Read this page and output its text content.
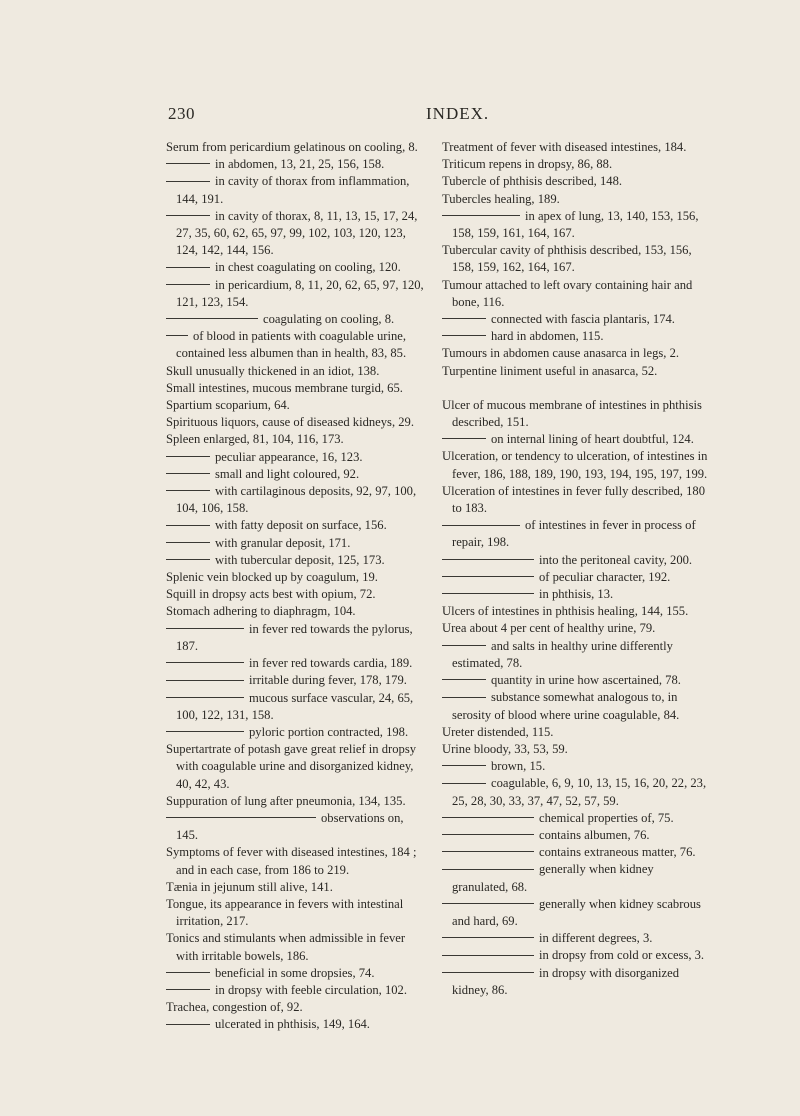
230	INDEX.

Serum from pericardium gelatinous on cooling, 8.

in abdomen, 13, 21, 25, 156, 158.

in cavity of thorax from inflammation, 144, 191.

in cavity of thorax, 8, 11, 13, 15, 17, 24, 27, 35, 60, 62, 65, 97, 99, 102, 103, 120, 123, 124, 142, 144, 156.

in chest coagulating on cooling, 120.

in pericardium, 8, 11, 20, 62, 65, 97, 120, 121, 123, 154.

coagulating on cooling, 8.

of blood in patients with coagulable urine, contained less albumen than in health, 83, 85.

Skull unusually thickened in an idiot, 138.

Small intestines, mucous membrane turgid, 65.

Spartium scoparium, 64.

Spirituous liquors, cause of diseased kidneys, 29.

Spleen enlarged, 81, 104, 116, 173.

peculiar appearance, 16, 123.

small and light coloured, 92.

with cartilaginous deposits, 92, 97, 100, 104, 106, 158.

with fatty deposit on surface, 156.

with granular deposit, 171.

with tubercular deposit, 125, 173.

Splenic vein blocked up by coagulum, 19.

Squill in dropsy acts best with opium, 72.

Stomach adhering to diaphragm, 104.

in fever red towards the pylorus, 187.

in fever red towards cardia, 189.

irritable during fever, 178, 179.

mucous surface vascular, 24, 65, 100, 122, 131, 158.

pyloric portion contracted, 198.

Supertartrate of potash gave great relief in dropsy with coagulable urine and disorganized kidney, 40, 42, 43.

Suppuration of lung after pneumonia, 134, 135.

observations on, 145.

Symptoms of fever with diseased intestines, 184 ; and in each case, from 186 to 219.

Tænia in jejunum still alive, 141.

Tongue, its appearance in fevers with intestinal irritation, 217.

Tonics and stimulants when admissible in fever with irritable bowels, 186.

beneficial in some dropsies, 74.

in dropsy with feeble circulation, 102.

Trachea, congestion of, 92.

ulcerated in phthisis, 149, 164.

Treatment of fever with diseased intestines, 184.

Triticum repens in dropsy, 86, 88.

Tubercle of phthisis described, 148.

Tubercles healing, 189.

in apex of lung, 13, 140, 153, 156, 158, 159, 161, 164, 167.

Tubercular cavity of phthisis described, 153, 156, 158, 159, 162, 164, 167.

Tumour attached to left ovary containing hair and bone, 116.

connected with fascia plantaris, 174.

hard in abdomen, 115.

Tumours in abdomen cause anasarca in legs, 2.

Turpentine liniment useful in anasarca, 52.

Ulcer of mucous membrane of intestines in phthisis described, 151.

on internal lining of heart doubtful, 124.

Ulceration, or tendency to ulceration, of intestines in fever, 186, 188, 189, 190, 193, 194, 195, 197, 199.

Ulceration of intestines in fever fully described, 180 to 183.

of intestines in fever in process of repair, 198.

into the peritoneal cavity, 200.

of peculiar character, 192.

in phthisis, 13.

Ulcers of intestines in phthisis healing, 144, 155.

Urea about 4 per cent of healthy urine, 79.

and salts in healthy urine differently estimated, 78.

quantity in urine how ascertained, 78.

substance somewhat analogous to, in serosity of blood where urine coagulable, 84.

Ureter distended, 115.

Urine bloody, 33, 53, 59.

brown, 15.

coagulable, 6, 9, 10, 13, 15, 16, 20, 22, 23, 25, 28, 30, 33, 37, 47, 52, 57, 59.

chemical properties of, 75.

contains albumen, 76.

contains extraneous matter, 76.

generally when kidney granulated, 68.

generally when kidney scabrous and hard, 69.

in different degrees, 3.

in dropsy from cold or excess, 3.

in dropsy with disorganized kidney, 86.
